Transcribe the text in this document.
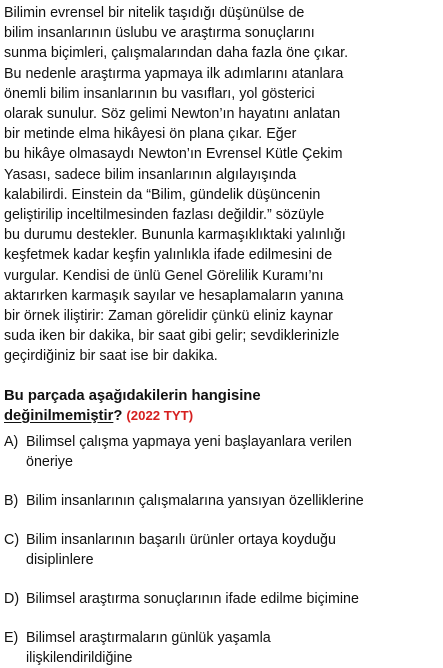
Bilimin evrensel bir nitelik taşıdığı düşünülse de
bilim insanlarının üslubu ve araştırma sonuçlarını
sunma biçimleri, çalışmalarından daha fazla öne çıkar.
Bu nedenle araştırma yapmaya ilk adımlarını atanlara
önemli bilim insanlarının bu vasıfları, yol gösterici
olarak sunulur. Söz gelimi Newton’ın hayatını anlatan
bir metinde elma hikâyesi ön plana çıkar. Eğer
bu hikâye olmasaydı Newton’ın Evrensel Kütle Çekim
Yasası, sadece bilim insanlarının algılayışında
kalabilirdi. Einstein da “Bilim, gündelik düşüncenin
geliştirilip inceltilmesinden fazlası değildir.” sözüyle
bu durumu destekler. Bununla karmaşıklıktaki yalınlığı
keşfetmek kadar keşfin yalınlıkla ifade edilmesini de
vurgular. Kendisi de ünlü Genel Görelilik Kuramı’nı
aktarırken karmaşık sayılar ve hesaplamaların yanına
bir örnek iliştirir: Zaman görelidir çünkü eliniz kaynar
suda iken bir dakika, bir saat gibi gelir; sevdiklerinizle
geçirdiğiniz bir saat ise bir dakika.
Bu parçada aşağıdakilerin hangisine
değinilmemiştir? (2022 TYT)
A) Bilimsel çalışma yapmaya yeni başlayanlara verilen
öneriye
B) Bilim insanlarının çalışmalarına yansıyan özelliklerine
C) Bilim insanlarının başarılı ürünler ortaya koyduğu
disiplinlere
D) Bilimsel araştırma sonuçlarının ifade edilme biçimine
E) Bilimsel araştırmaların günlük yaşamla
ilişkilendirildiğine
